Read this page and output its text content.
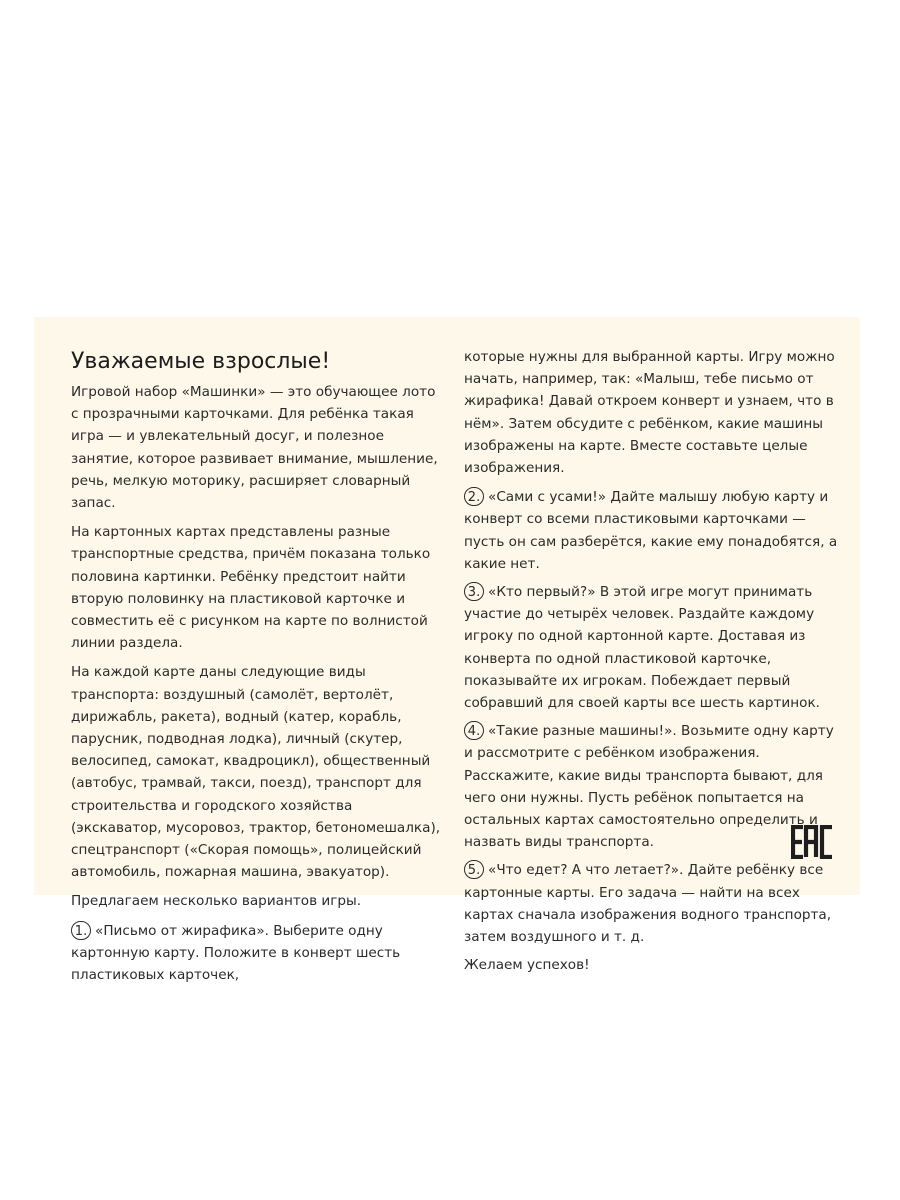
Уважаемые взрослые!

Игровой набор «Машинки» — это обучающее лото с прозрачными карточками. Для ребёнка такая игра — и увлекательный досуг, и полезное занятие, которое развивает внимание, мышление, речь, мелкую моторику, расширяет словарный запас.

На картонных картах представлены разные транспортные средства, причём показана только половина картинки. Ребёнку предстоит найти вторую половинку на пластиковой карточке и совместить её с рисунком на карте по волнистой линии раздела.

На каждой карте даны следующие виды транспорта: воздушный (самолёт, вертолёт, дирижабль, ракета), водный (катер, корабль, парусник, подводная лодка), личный (скутер, велосипед, самокат, квадроцикл), общественный (автобус, трамвай, такси, поезд), транспорт для строительства и городского хозяйства (экскаватор, мусоровоз, трактор, бетономешалка), спецтранспорт («Скорая помощь», полицейский автомобиль, пожарная машина, эвакуатор).

Предлагаем несколько вариантов игры.

1. «Письмо от жирафика». Выберите одну картонную карту. Положите в конверт шесть пластиковых карточек,

которые нужны для выбранной карты. Игру можно начать, например, так: «Малыш, тебе письмо от жирафика! Давай откроем конверт и узнаем, что в нём». Затем обсудите с ребёнком, какие машины изображены на карте. Вместе составьте целые изображения.

2. «Сами с усами!» Дайте малышу любую карту и конверт со всеми пластиковыми карточками — пусть он сам разберётся, какие ему понадобятся, а какие нет.
3. «Кто первый?» В этой игре могут принимать участие до четырёх человек. Раздайте каждому игроку по одной картонной карте. Доставая из конверта по одной пластиковой карточке, показывайте их игрокам. Побеждает первый собравший для своей карты все шесть картинок.
4. «Такие разные машины!». Возьмите одну карту и рассмотрите с ребёнком изображения. Расскажите, какие виды транспорта бывают, для чего они нужны. Пусть ребёнок попытается на остальных картах самостоятельно определить и назвать виды транспорта.
5. «Что едет? А что летает?». Дайте ребёнку все картонные карты. Его задача — найти на всех картах сначала изображения водного транспорта, затем воздушного и т. д.

Желаем успехов!
